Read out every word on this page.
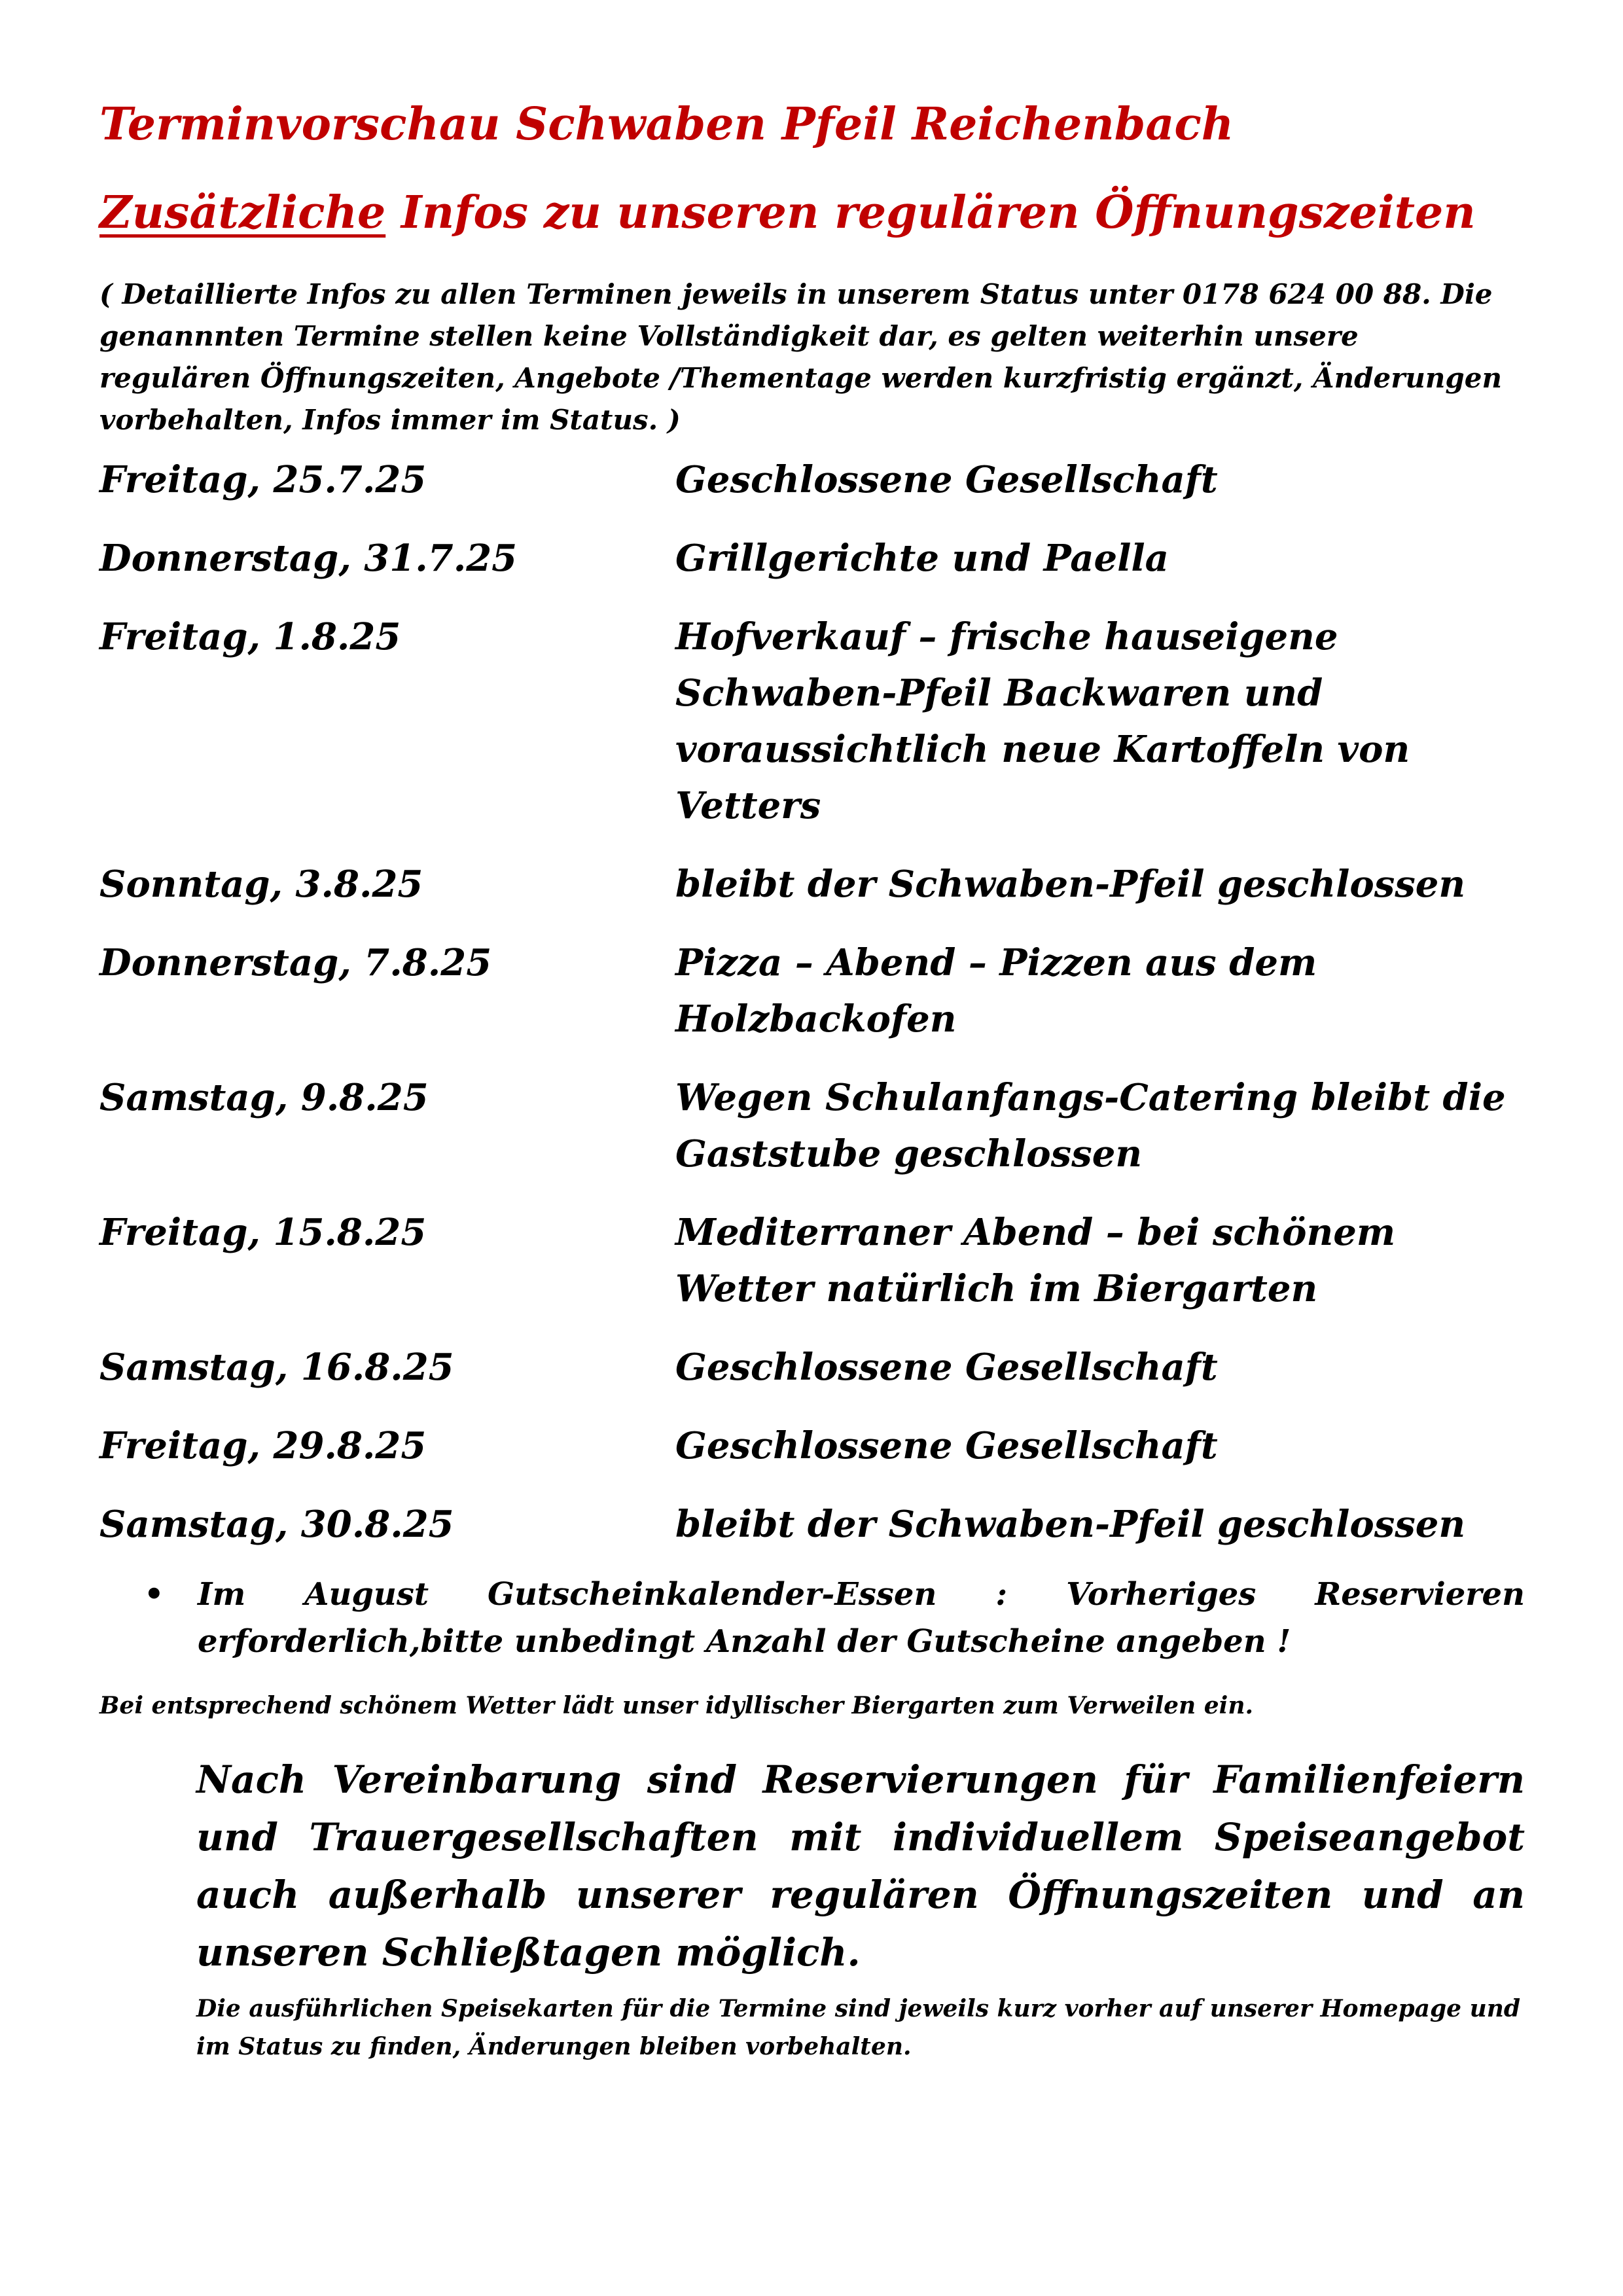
Terminvorschau Schwaben Pfeil Reichenbach
Zusätzliche Infos zu unseren regulären Öffnungszeiten
( Detaillierte Infos zu allen Terminen jeweils in unserem Status unter 0178 624 00 88. Die genannnten Termine stellen keine Vollständigkeit dar, es gelten weiterhin unsere regulären Öffnungszeiten, Angebote /Thementage werden kurzfristig ergänzt, Änderungen vorbehalten, Infos immer im Status. )
Freitag, 25.7.25	Geschlossene Gesellschaft
Donnerstag, 31.7.25	Grillgerichte und Paella
Freitag, 1.8.25	Hofverkauf – frische hauseigene Schwaben-Pfeil Backwaren und voraussichtlich neue Kartoffeln von Vetters
Sonntag, 3.8.25	bleibt der Schwaben-Pfeil geschlossen
Donnerstag, 7.8.25	Pizza – Abend – Pizzen aus dem Holzbackofen
Samstag, 9.8.25	Wegen Schulanfangs-Catering bleibt die Gaststube geschlossen
Freitag, 15.8.25	Mediterraner Abend – bei schönem Wetter natürlich im Biergarten
Samstag, 16.8.25	Geschlossene Gesellschaft
Freitag, 29.8.25	Geschlossene Gesellschaft
Samstag, 30.8.25	bleibt der Schwaben-Pfeil geschlossen
•	Im August Gutscheinkalender-Essen : Vorheriges Reservieren erforderlich,bitte unbedingt Anzahl der Gutscheine angeben !
Bei entsprechend schönem Wetter lädt unser idyllischer Biergarten zum Verweilen ein.
Nach Vereinbarung sind Reservierungen für Familienfeiern und Trauergesellschaften mit individuellem Speiseangebot auch außerhalb unserer regulären Öffnungszeiten und an unseren Schließtagen möglich.
Die ausführlichen Speisekarten für die Termine sind jeweils kurz vorher auf unserer Homepage und im Status zu finden, Änderungen bleiben vorbehalten.
